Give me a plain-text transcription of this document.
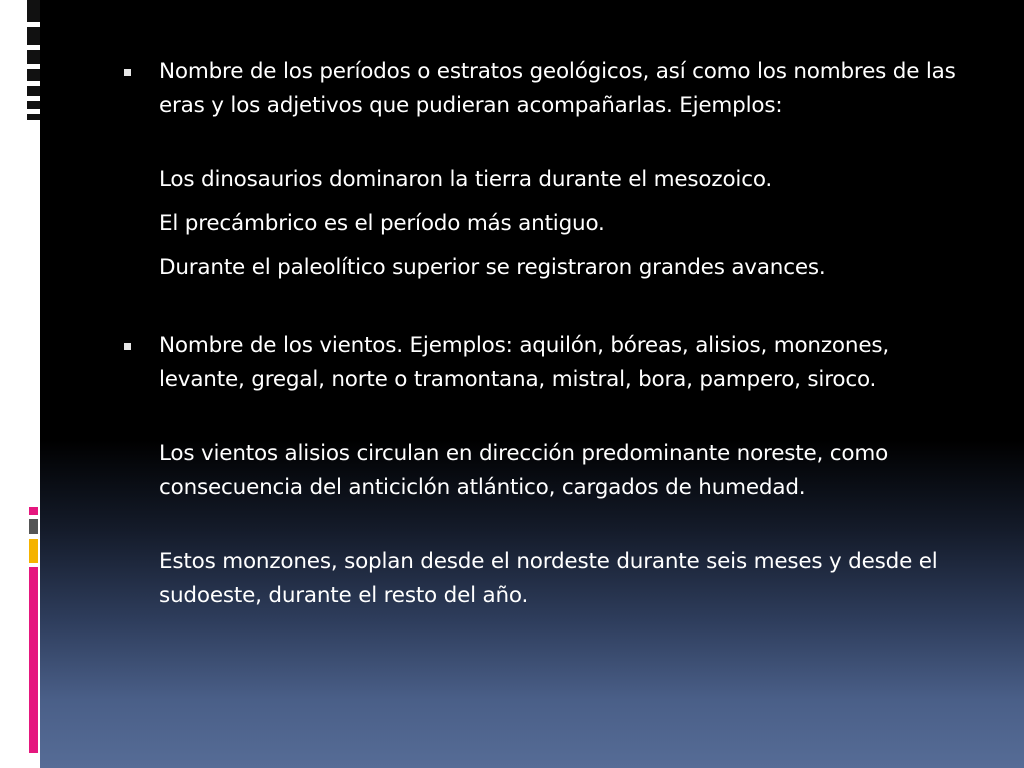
Nombre de los períodos o estratos geológicos, así como los nombres de las eras y los adjetivos que pudieran acompañarlas. Ejemplos:

Los dinosaurios dominaron la tierra durante el mesozoico.

El precámbrico es el período más antiguo.

Durante el paleolítico superior se registraron grandes avances.

Nombre de los vientos. Ejemplos: aquilón, bóreas, alisios, monzones, levante, gregal, norte o tramontana, mistral, bora, pampero, siroco.

Los vientos alisios circulan en dirección predominante noreste, como consecuencia del anticiclón atlántico, cargados de humedad.

Estos monzones, soplan desde el nordeste durante seis meses y desde el sudoeste, durante el resto del año.
